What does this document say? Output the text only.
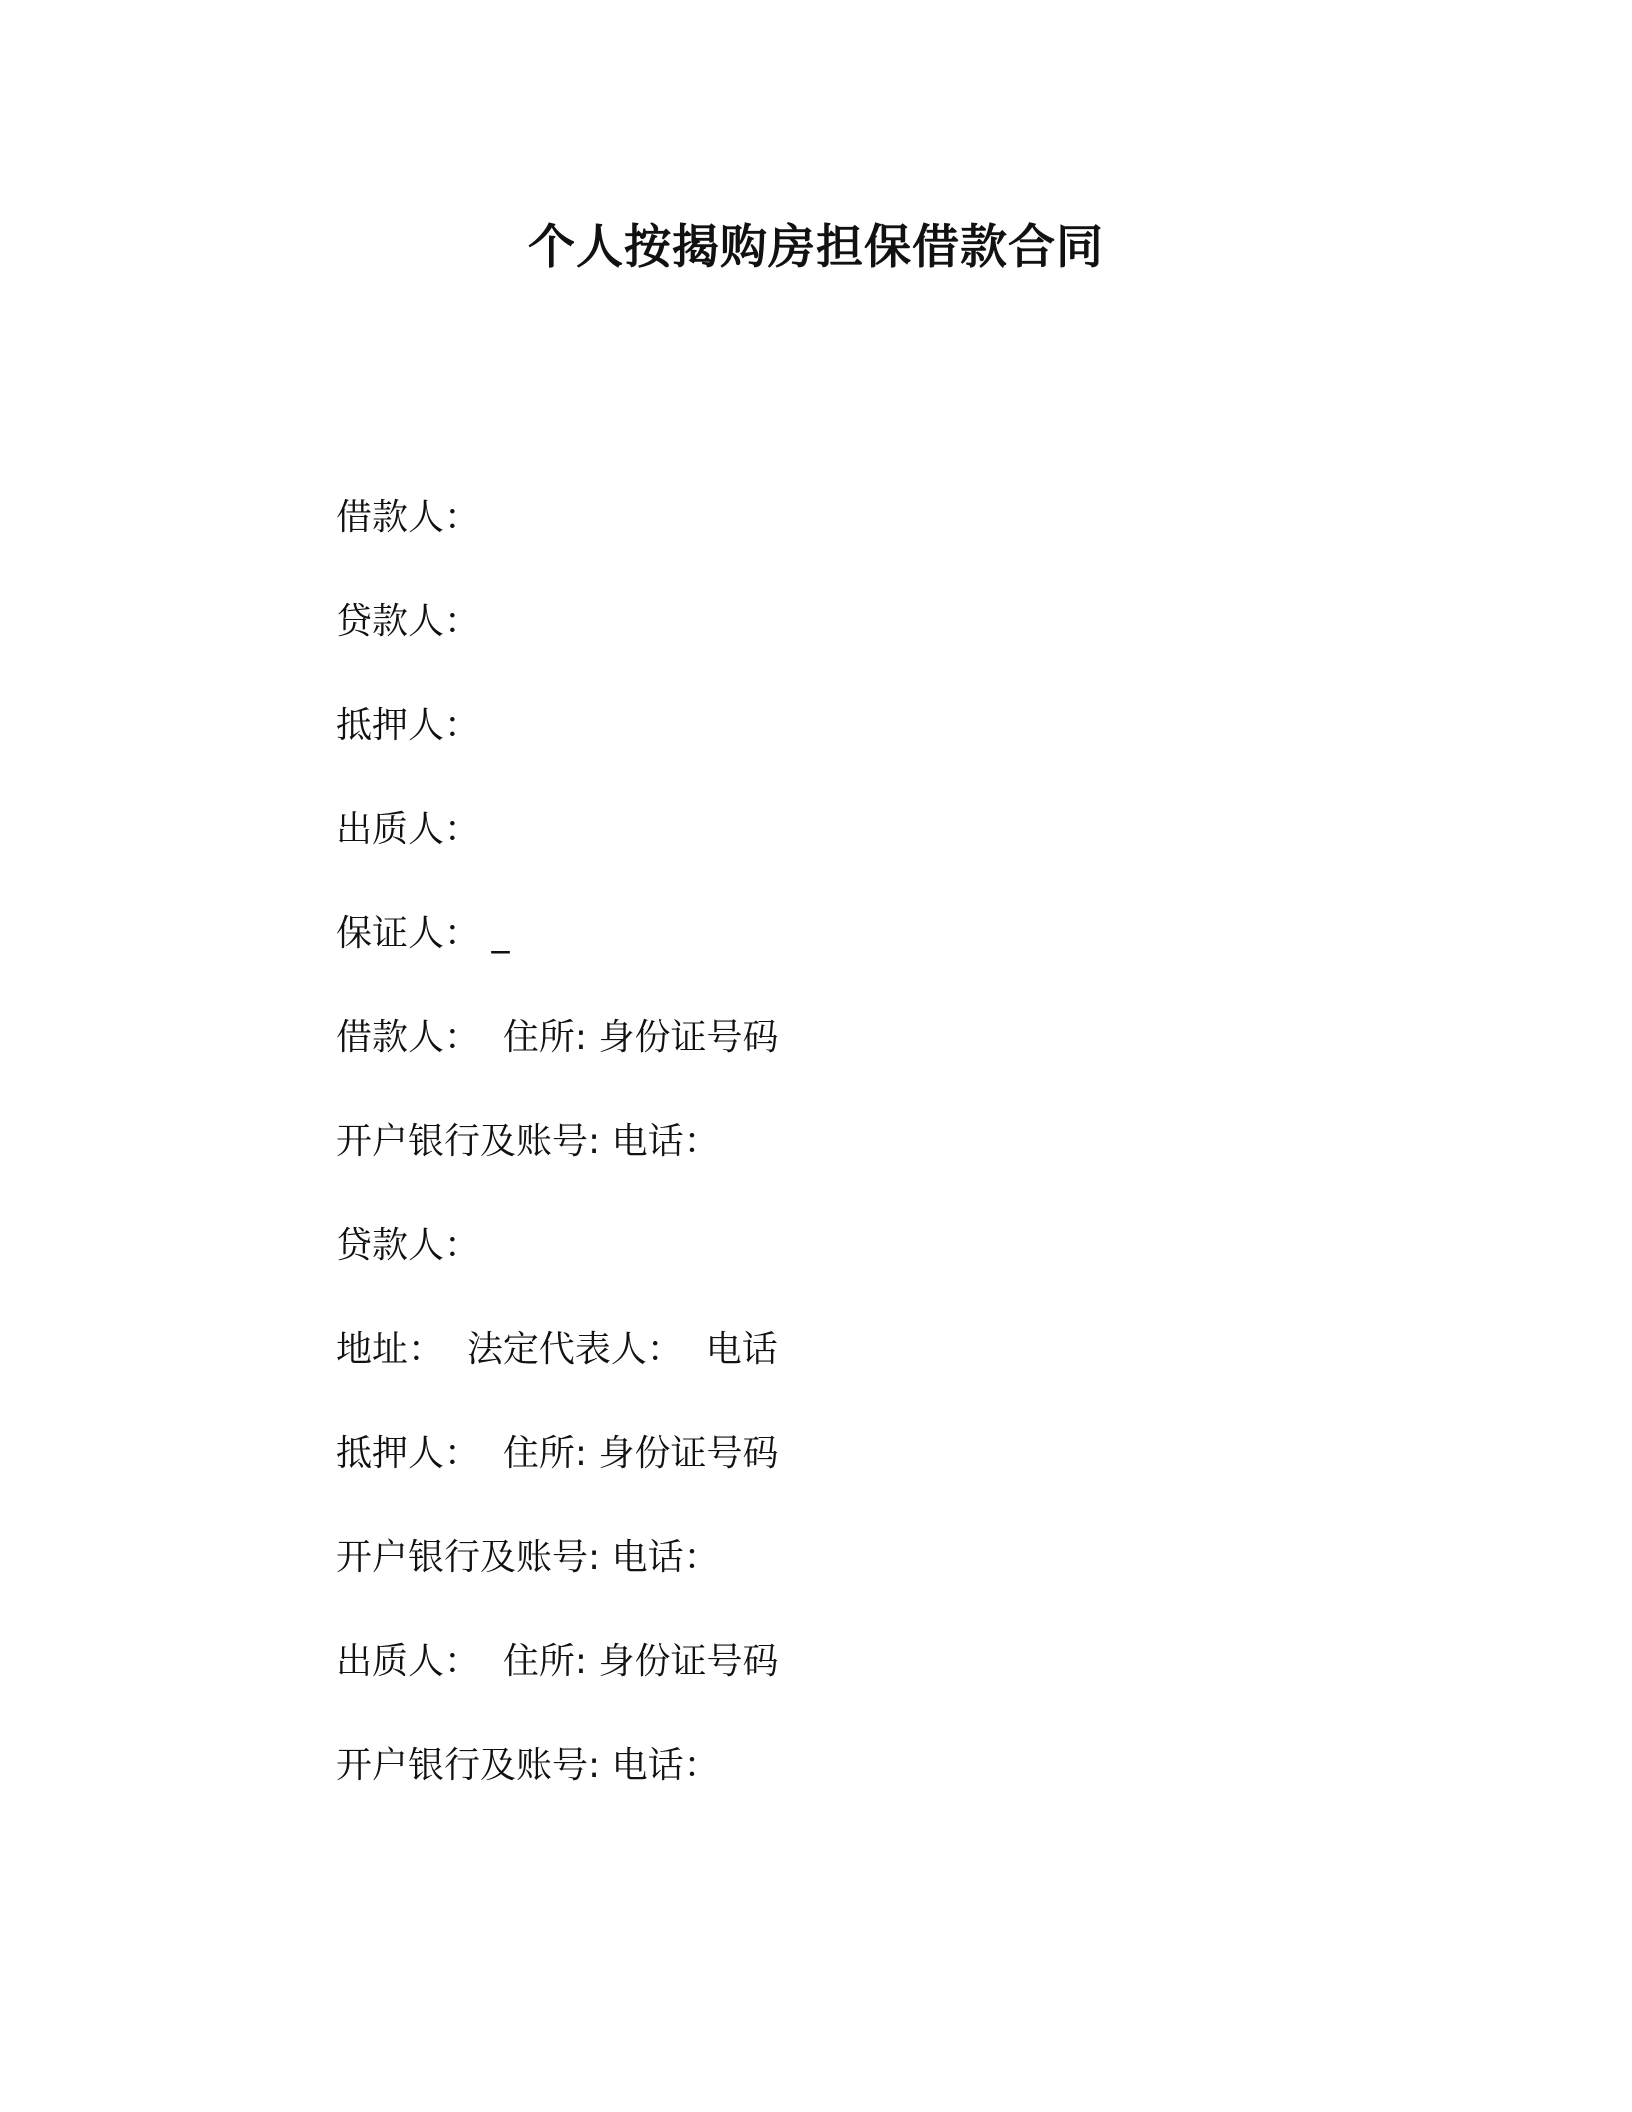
个人按揭购房担保借款合同
借款人：
贷款人：
抵押人：
出质人：
保证人： _
借款人：  住所: 身份证号码
开户银行及账号: 电话：
贷款人：
地址：  法定代表人：  电话
抵押人：  住所: 身份证号码
开户银行及账号: 电话：
出质人：  住所: 身份证号码
开户银行及账号: 电话：
